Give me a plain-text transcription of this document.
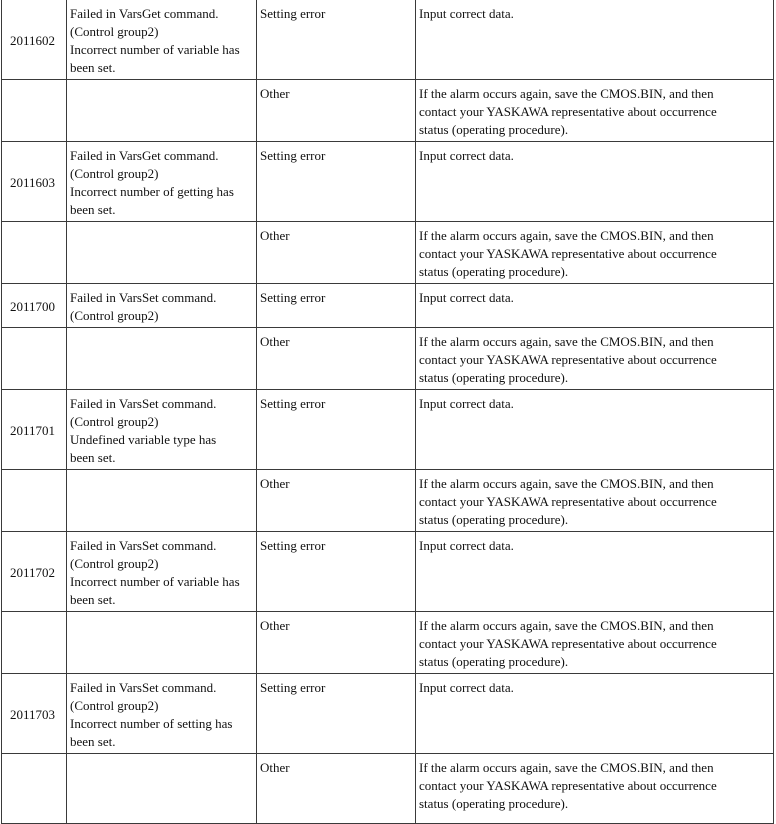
2011602	Failed in VarsGet command.
(Control group2)
Incorrect number of variable has
been set.	Setting error	Input correct data.

		Other	If the alarm occurs again, save the CMOS.BIN, and then
contact your YASKAWA representative about occurrence
status (operating procedure).

2011603	Failed in VarsGet command.
(Control group2)
Incorrect number of getting has
been set.	Setting error	Input correct data.

		Other	If the alarm occurs again, save the CMOS.BIN, and then
contact your YASKAWA representative about occurrence
status (operating procedure).

2011700	Failed in VarsSet command.
(Control group2)	Setting error	Input correct data.

		Other	If the alarm occurs again, save the CMOS.BIN, and then
contact your YASKAWA representative about occurrence
status (operating procedure).

2011701	Failed in VarsSet command.
(Control group2)
Undefined variable type has
been set.	Setting error	Input correct data.

		Other	If the alarm occurs again, save the CMOS.BIN, and then
contact your YASKAWA representative about occurrence
status (operating procedure).

2011702	Failed in VarsSet command.
(Control group2)
Incorrect number of variable has
been set.	Setting error	Input correct data.

		Other	If the alarm occurs again, save the CMOS.BIN, and then
contact your YASKAWA representative about occurrence
status (operating procedure).

2011703	Failed in VarsSet command.
(Control group2)
Incorrect number of setting has
been set.	Setting error	Input correct data.

		Other	If the alarm occurs again, save the CMOS.BIN, and then
contact your YASKAWA representative about occurrence
status (operating procedure).
